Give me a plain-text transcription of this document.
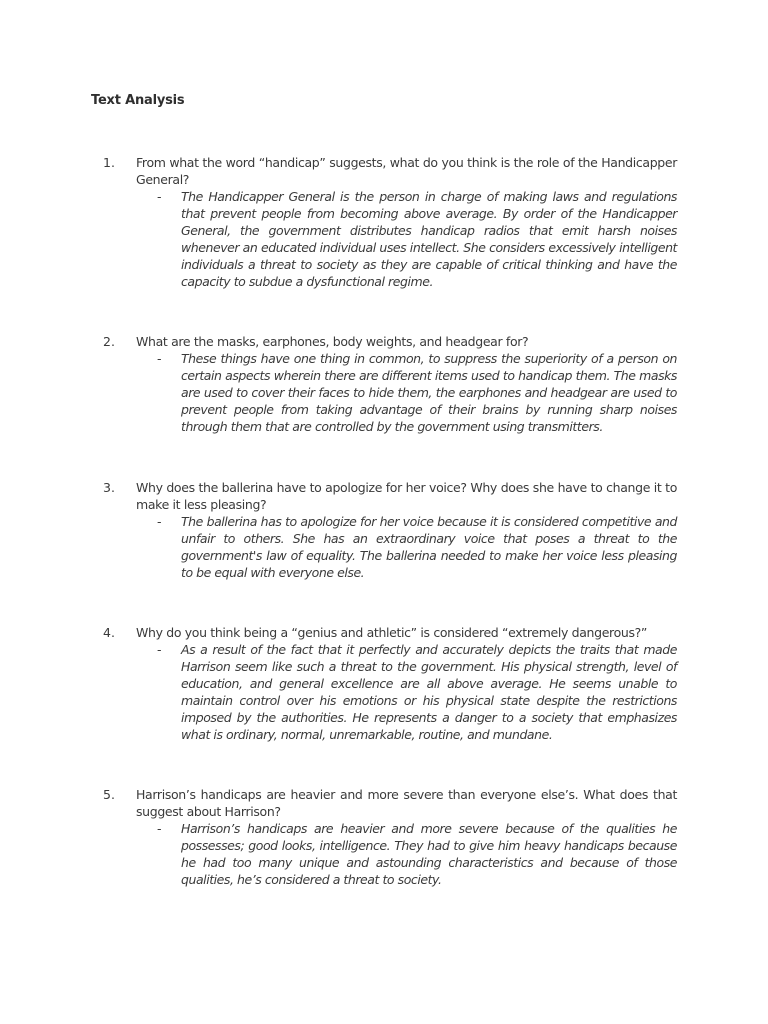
Text Analysis
1. From what the word “handicap” suggests, what do you think is the role of the Handicapper General?
- The Handicapper General is the person in charge of making laws and regulations that prevent people from becoming above average. By order of the Handicapper General, the government distributes handicap radios that emit harsh noises whenever an educated individual uses intellect. She considers excessively intelligent individuals a threat to society as they are capable of critical thinking and have the capacity to subdue a dysfunctional regime.
2. What are the masks, earphones, body weights, and headgear for?
- These things have one thing in common, to suppress the superiority of a person on certain aspects wherein there are different items used to handicap them. The masks are used to cover their faces to hide them, the earphones and headgear are used to prevent people from taking advantage of their brains by running sharp noises through them that are controlled by the government using transmitters.
3. Why does the ballerina have to apologize for her voice? Why does she have to change it to make it less pleasing?
- The ballerina has to apologize for her voice because it is considered competitive and unfair to others. She has an extraordinary voice that poses a threat to the government's law of equality. The ballerina needed to make her voice less pleasing to be equal with everyone else.
4. Why do you think being a “genius and athletic” is considered “extremely dangerous?”
- As a result of the fact that it perfectly and accurately depicts the traits that made Harrison seem like such a threat to the government. His physical strength, level of education, and general excellence are all above average. He seems unable to maintain control over his emotions or his physical state despite the restrictions imposed by the authorities. He represents a danger to a society that emphasizes what is ordinary, normal, unremarkable, routine, and mundane.
5. Harrison’s handicaps are heavier and more severe than everyone else’s. What does that suggest about Harrison?
- Harrison’s handicaps are heavier and more severe because of the qualities he possesses; good looks, intelligence. They had to give him heavy handicaps because he had too many unique and astounding characteristics and because of those qualities, he’s considered a threat to society.
